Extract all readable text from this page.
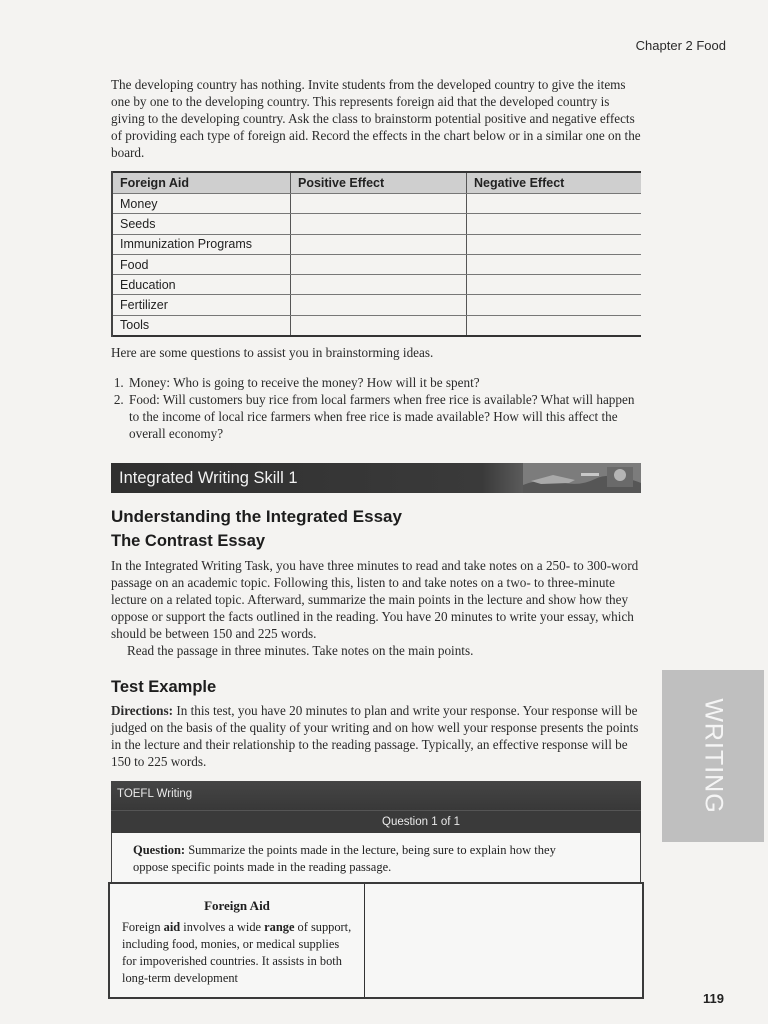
Chapter 2 Food

The developing country has nothing. Invite students from the developed country to give the items one by one to the developing country. This represents foreign aid that the developed country is giving to the developing country. Ask the class to brainstorm potential positive and negative effects of providing each type of foreign aid. Record the effects in the chart below or in a similar one on the board.

Foreign Aid	Positive Effect	Negative Effect
Money		
Seeds		
Immunization Programs		
Food		
Education		
Fertilizer		
Tools		

Here are some questions to assist you in brainstorming ideas.

1. Money: Who is going to receive the money? How will it be spent?
2. Food: Will customers buy rice from local farmers when free rice is available? What will happen to the income of local rice farmers when free rice is made available? How will this affect the overall economy?
Integrated Writing Skill 1
Understanding the Integrated Essay
The Contrast Essay

In the Integrated Writing Task, you have three minutes to read and take notes on a 250- to 300-word passage on an academic topic. Following this, listen to and take notes on a two- to three-minute lecture on a related topic. Afterward, summarize the main points in the lecture and show how they oppose or support the facts outlined in the reading. You have 20 minutes to write your essay, which should be between 150 and 225 words.

Read the passage in three minutes. Take notes on the main points.

Test Example

Directions: In this test, you have 20 minutes to plan and write your response. Your response will be judged on the basis of the quality of your writing and on how well your response presents the points in the lecture and their relationship to the reading passage. Typically, an effective response will be 150 to 225 words.

TOEFL Writing
Question 1 of 1

Question: Summarize the points made in the lecture, being sure to explain how they oppose specific points made in the reading passage.

Foreign Aid

Foreign aid involves a wide range of support, including food, monies, or medical supplies for impoverished countries. It assists in both long-term development

WRITING
119
